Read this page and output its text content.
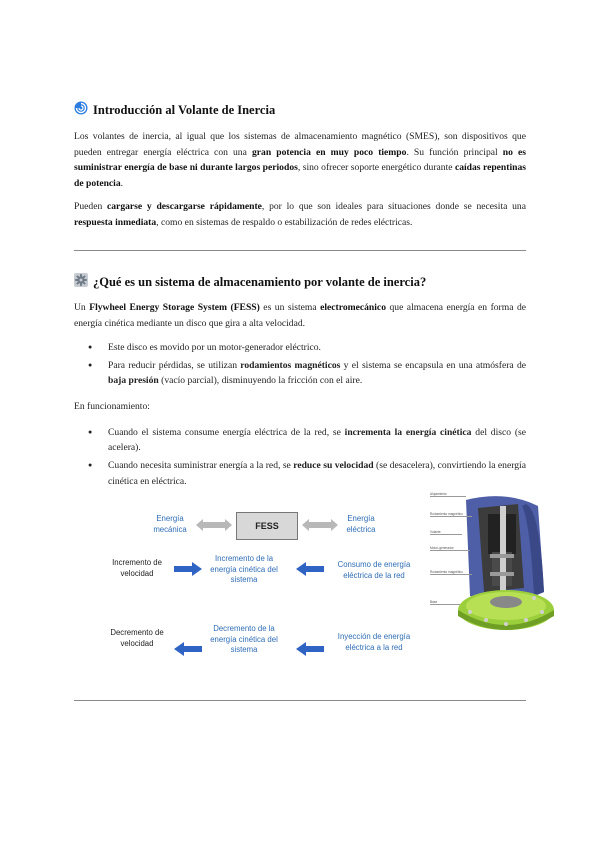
Introducción al Volante de Inercia

Los volantes de inercia, al igual que los sistemas de almacenamiento magnético (SMES), son dispositivos que pueden entregar energía eléctrica con una gran potencia en muy poco tiempo. Su función principal no es suministrar energía de base ni durante largos periodos, sino ofrecer soporte energético durante caídas repentinas de potencia.

Pueden cargarse y descargarse rápidamente, por lo que son ideales para situaciones donde se necesita una respuesta inmediata, como en sistemas de respaldo o estabilización de redes eléctricas.

¿Qué es un sistema de almacenamiento por volante de inercia?

Un Flywheel Energy Storage System (FESS) es un sistema electromecánico que almacena energía en forma de energía cinética mediante un disco que gira a alta velocidad.

● Este disco es movido por un motor-generador eléctrico.
● Para reducir pérdidas, se utilizan rodamientos magnéticos y el sistema se encapsula en una atmósfera de baja presión (vacío parcial), disminuyendo la fricción con el aire.

En funcionamiento:

● Cuando el sistema consume energía eléctrica de la red, se incrementa la energía cinética del disco (se acelera).
● Cuando necesita suministrar energía a la red, se reduce su velocidad (se desacelera), convirtiendo la energía cinética en eléctrica.
Energía mecánica	FESS
Energía eléctrica
Incremento de velocidad
Incremento de la energía cinética del sistema
Consumo de energía eléctrica de la red
Decremento de velocidad
Decremento de la energía cinética del sistema
Inyección de energía eléctrica a la red
Alojamiento
Rodamiento magnético
Volante
Motor-generador
Rodamiento magnético
Base
